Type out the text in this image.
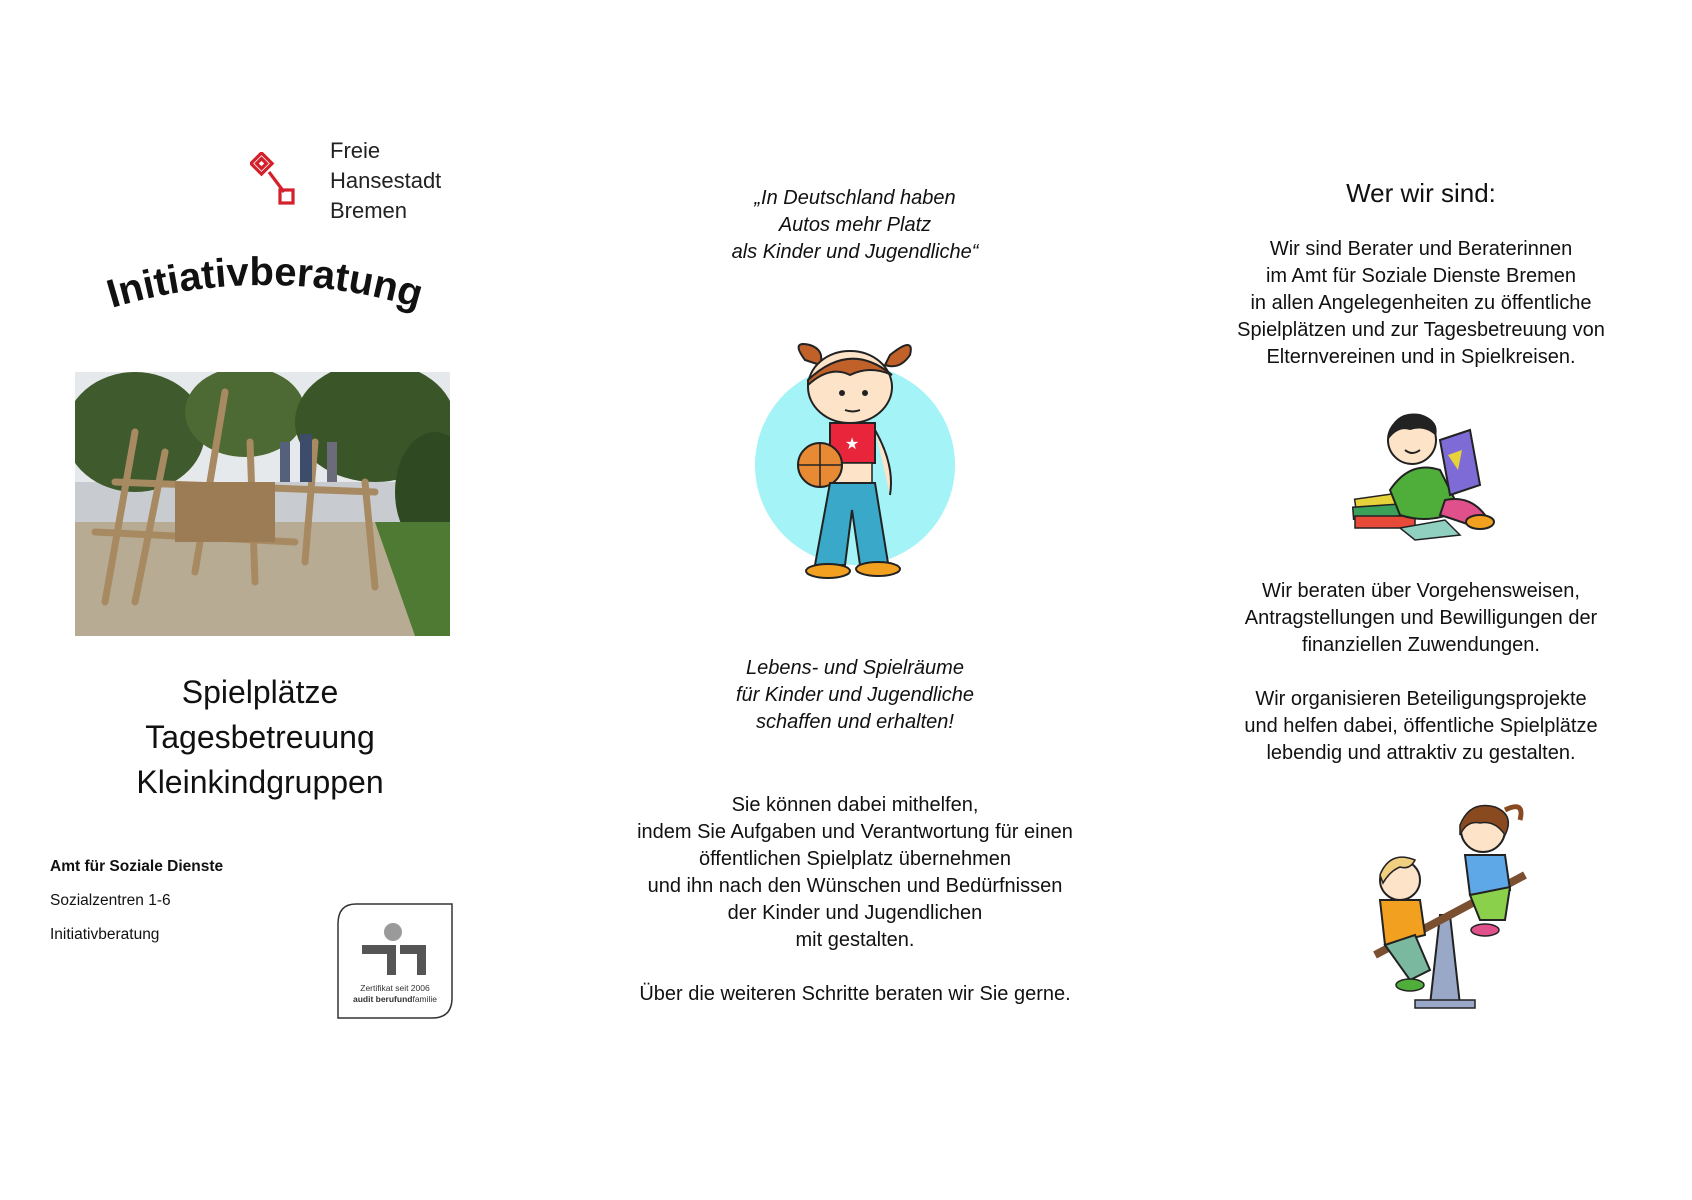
Freie
Hansestadt
Bremen
Initiativberatung
Spielplätze
Tagesbetreuung
Kleinkindgruppen
Amt für Soziale Dienste
Sozialzentren 1-6
Initiativberatung
Zertifikat seit 2006
audit berufundfamilie
„In Deutschland haben
Autos mehr Platz
als Kinder und Jugendliche“
★
Lebens- und Spielräume
für Kinder und Jugendliche
schaffen und erhalten!
Sie können dabei mithelfen,
indem Sie Aufgaben und Verantwortung für einen
öffentlichen Spielplatz übernehmen
und ihn nach den Wünschen und Bedürfnissen
der Kinder und Jugendlichen
mit gestalten.
Über die weiteren Schritte beraten wir Sie gerne.
Wer wir sind:
Wir sind Berater und Beraterinnen
im Amt für Soziale Dienste Bremen
in allen Angelegenheiten zu öffentliche
Spielplätzen und zur Tagesbetreuung von
Elternvereinen und in Spielkreisen.
Wir beraten über Vorgehensweisen,
Antragstellungen und Bewilligungen der
finanziellen Zuwendungen.
Wir organisieren Beteiligungsprojekte
und helfen dabei, öffentliche Spielplätze
lebendig und attraktiv zu gestalten.
